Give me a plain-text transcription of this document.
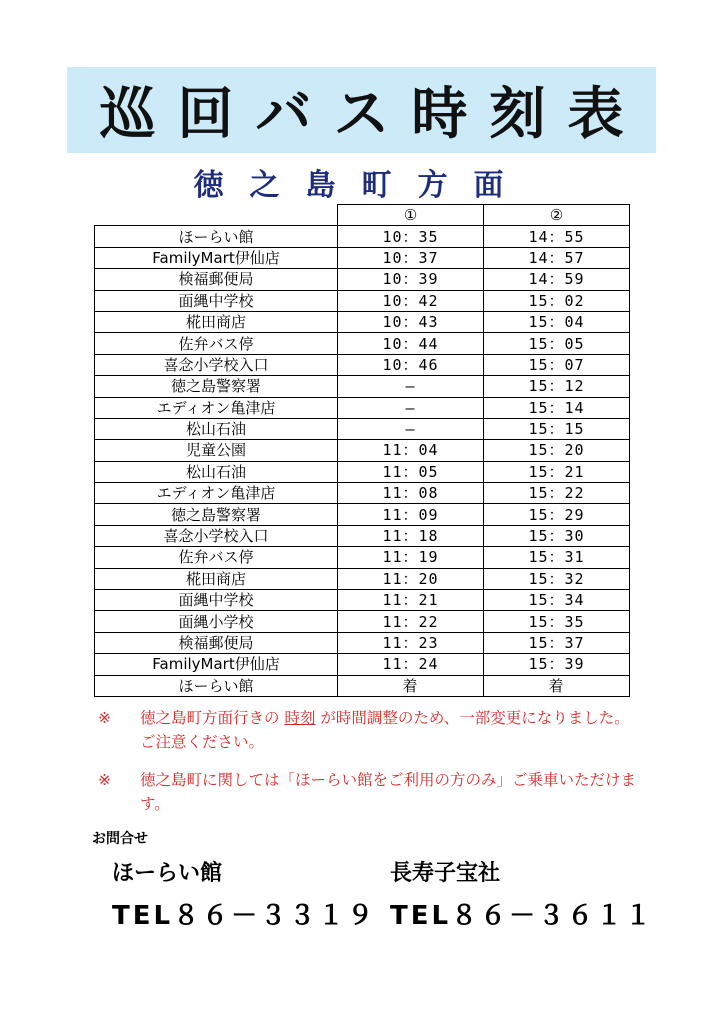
巡回バス時刻表
徳之島町方面
	①	②
ほーらい館	10：35	14：55
FamilyMart伊仙店	10：37	14：57
検福郵便局	10：39	14：59
面縄中学校	10：42	15：02
椛田商店	10：43	15：04
佐弁バス停	10：44	15：05
喜念小学校入口	10：46	15：07
徳之島警察署	—	15：12
エディオン亀津店	—	15：14
松山石油	—	15：15
児童公園	11：04	15：20
松山石油	11：05	15：21
エディオン亀津店	11：08	15：22
徳之島警察署	11：09	15：29
喜念小学校入口	11：18	15：30
佐弁バス停	11：19	15：31
椛田商店	11：20	15：32
面縄中学校	11：21	15：34
面縄小学校	11：22	15：35
検福郵便局	11：23	15：37
FamilyMart伊仙店	11：24	15：39
ほーらい館	着	着
※	徳之島町方面行きの 時刻 が時間調整のため、一部変更になりました。ご注意ください。
※	徳之島町に関しては「ほーらい館をご利用の方のみ」ご乗車いただけます。
お問合せ
ほーらい館
TEL８６－３３１９
長寿子宝社
TEL８６－３６１１
